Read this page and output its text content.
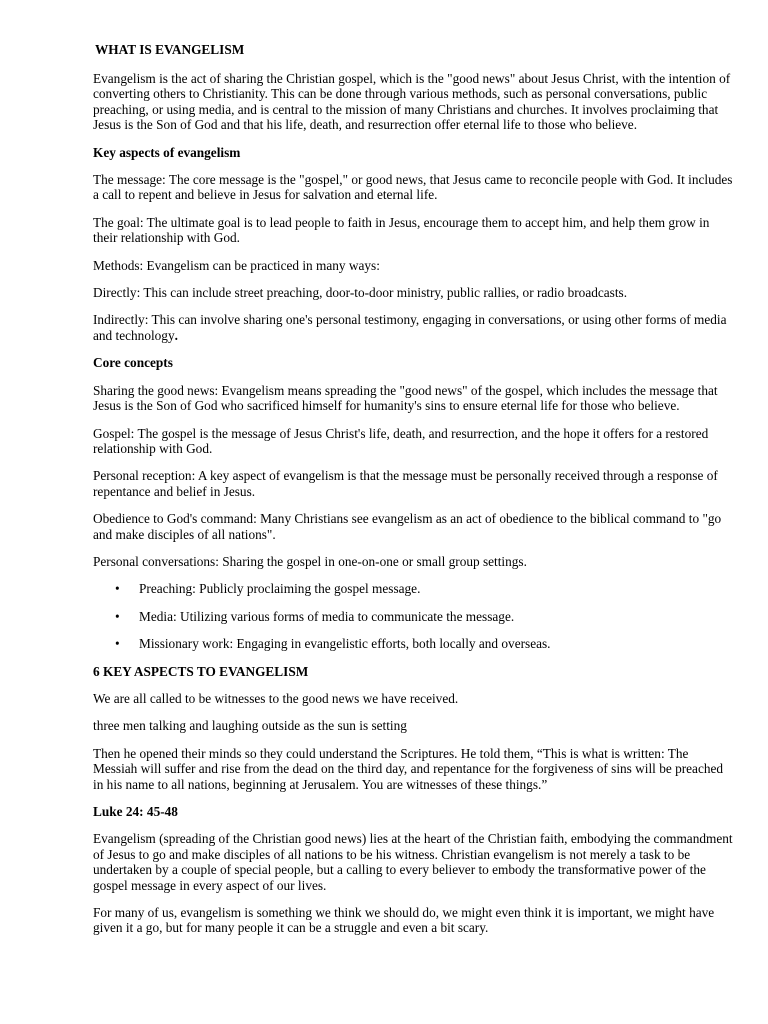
WHAT IS EVANGELISM

Evangelism is the act of sharing the Christian gospel, which is the "good news" about Jesus Christ, with the intention of converting others to Christianity. This can be done through various methods, such as personal conversations, public preaching, or using media, and is central to the mission of many Christians and churches. It involves proclaiming that Jesus is the Son of God and that his life, death, and resurrection offer eternal life to those who believe.

Key aspects of evangelism

The message: The core message is the "gospel," or good news, that Jesus came to reconcile people with God. It includes a call to repent and believe in Jesus for salvation and eternal life.

The goal: The ultimate goal is to lead people to faith in Jesus, encourage them to accept him, and help them grow in their relationship with God.

Methods: Evangelism can be practiced in many ways:

Directly: This can include street preaching, door-to-door ministry, public rallies, or radio broadcasts.

Indirectly: This can involve sharing one's personal testimony, engaging in conversations, or using other forms of media and technology.

Core concepts

Sharing the good news: Evangelism means spreading the "good news" of the gospel, which includes the message that Jesus is the Son of God who sacrificed himself for humanity's sins to ensure eternal life for those who believe.

Gospel: The gospel is the message of Jesus Christ's life, death, and resurrection, and the hope it offers for a restored relationship with God.

Personal reception: A key aspect of evangelism is that the message must be personally received through a response of repentance and belief in Jesus.

Obedience to God's command: Many Christians see evangelism as an act of obedience to the biblical command to "go and make disciples of all nations".

Personal conversations: Sharing the gospel in one-on-one or small group settings.

• Preaching: Publicly proclaiming the gospel message.
• Media: Utilizing various forms of media to communicate the message.
• Missionary work: Engaging in evangelistic efforts, both locally and overseas.

6 KEY ASPECTS TO EVANGELISM

We are all called to be witnesses to the good news we have received.

three men talking and laughing outside as the sun is setting

Then he opened their minds so they could understand the Scriptures. He told them, “This is what is written: The Messiah will suffer and rise from the dead on the third day, and repentance for the forgiveness of sins will be preached in his name to all nations, beginning at Jerusalem. You are witnesses of these things.”

Luke 24: 45-48

Evangelism (spreading of the Christian good news) lies at the heart of the Christian faith, embodying the commandment of Jesus to go and make disciples of all nations to be his witness. Christian evangelism is not merely a task to be undertaken by a couple of special people, but a calling to every believer to embody the transformative power of the gospel message in every aspect of our lives.

For many of us, evangelism is something we think we should do, we might even think it is important, we might have given it a go, but for many people it can be a struggle and even a bit scary.
